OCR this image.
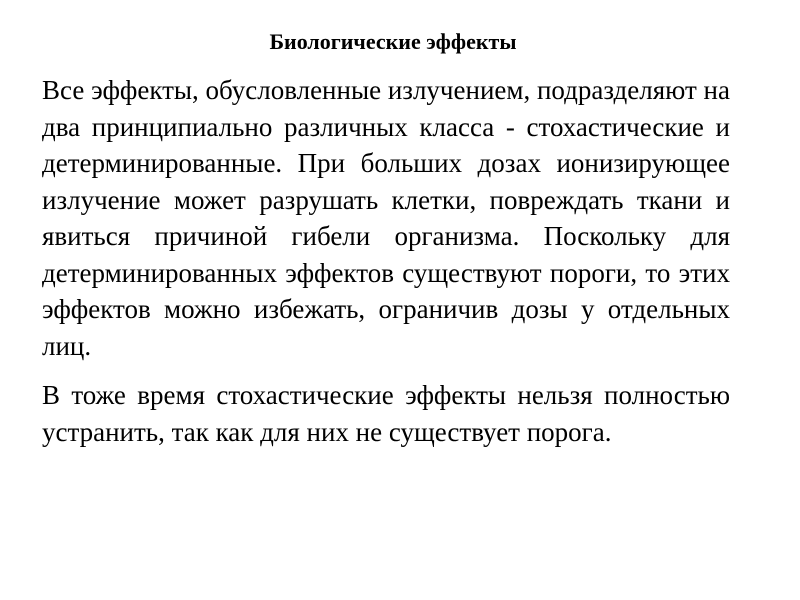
Биологические эффекты

Все эффекты, обусловленные излучением, подразделяют на два принципиально различных класса - стохастические и детерминированные. При больших дозах ионизирующее излучение может разрушать клетки, повреждать ткани и явиться причиной гибели организма. Поскольку для детерминированных эффектов существуют пороги, то этих эффектов можно избежать, ограничив дозы у отдельных лиц.

В тоже время стохастические эффекты нельзя полностью устранить, так как для них не существует порога.
